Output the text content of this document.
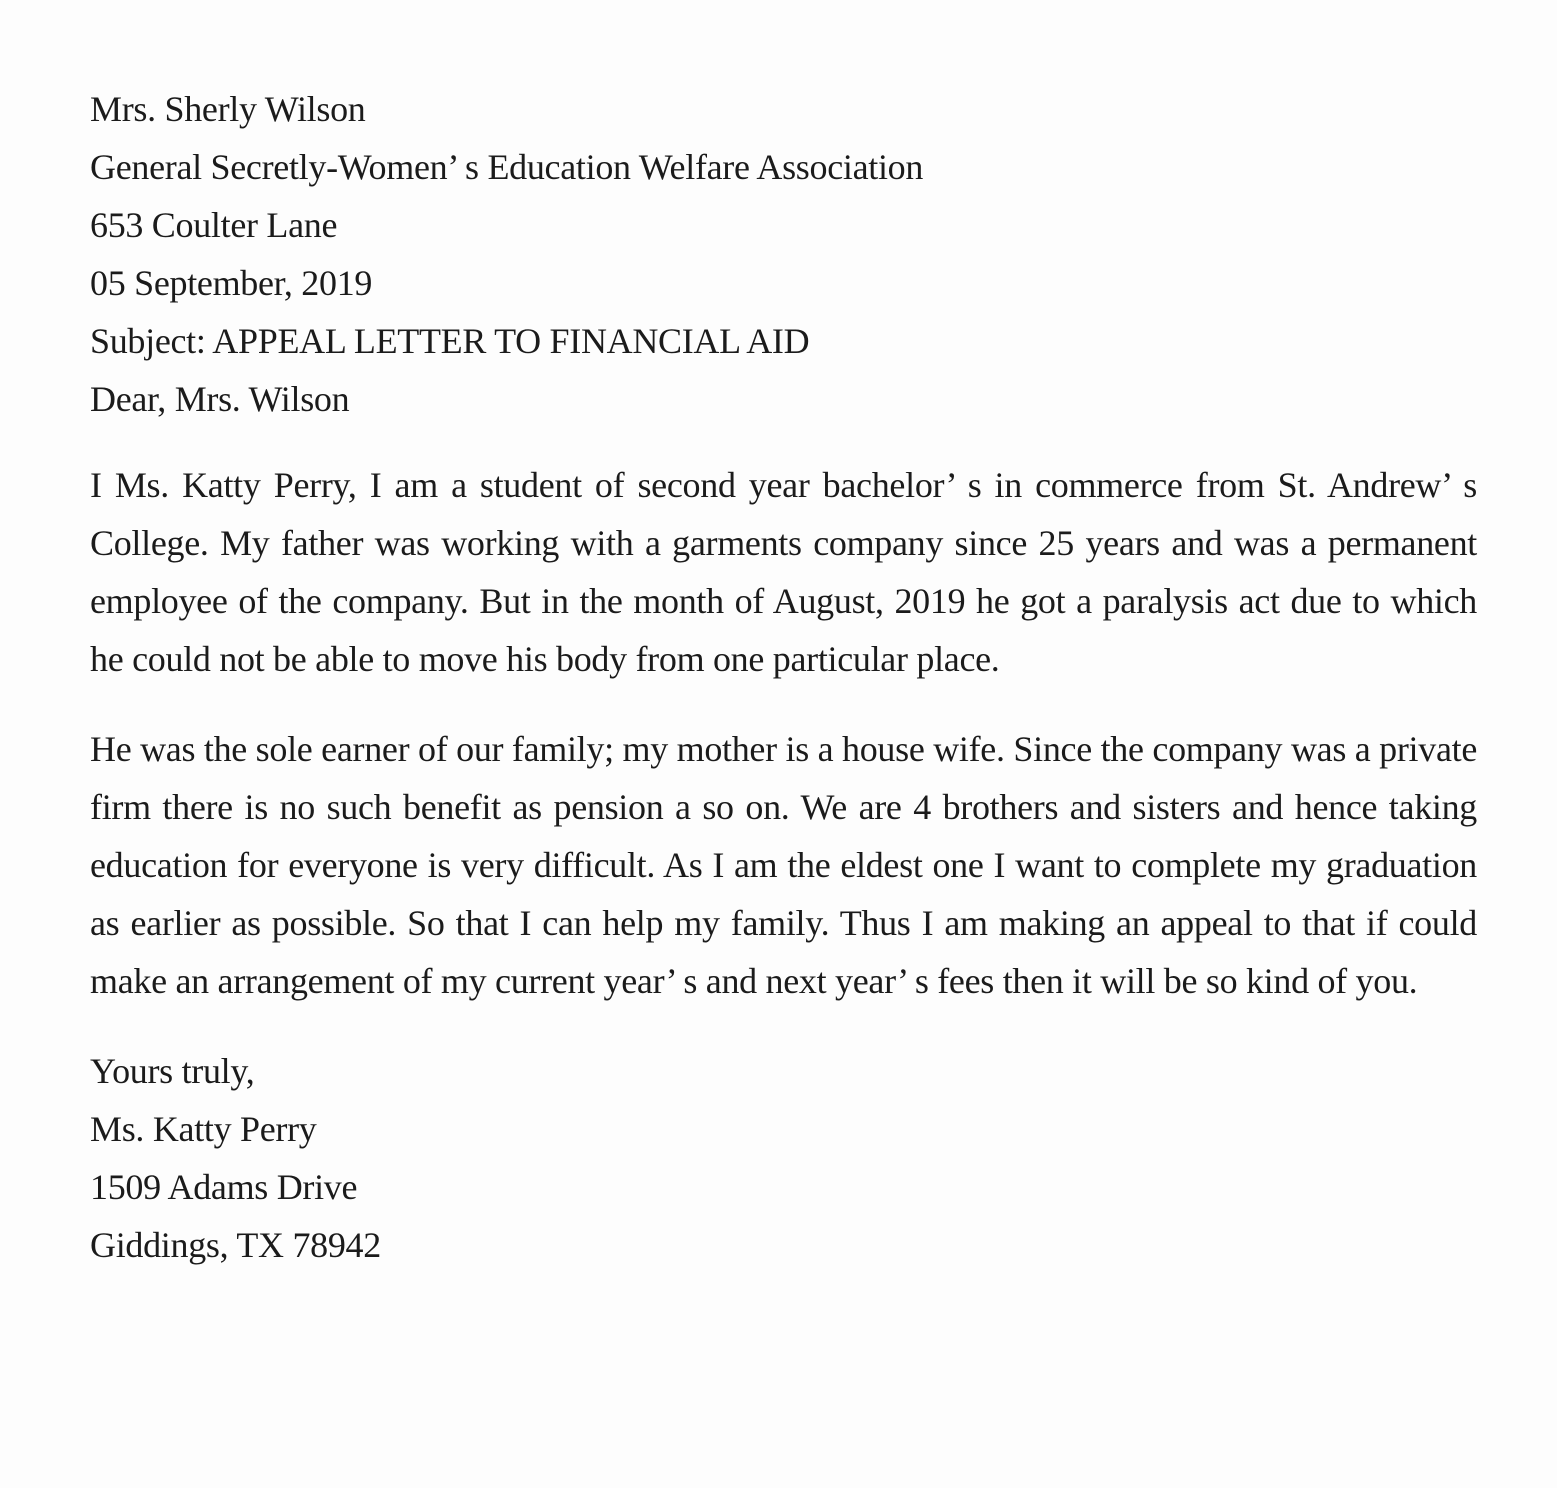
Mrs. Sherly Wilson
General Secretly-Women’ s Education Welfare Association
653 Coulter Lane
05 September, 2019
Subject: APPEAL LETTER TO FINANCIAL AID
Dear, Mrs. Wilson
I Ms. Katty Perry, I am a student of second year bachelor’ s in commerce from St. Andrew’ s College. My father was working with a garments company since 25 years and was a permanent employee of the company. But in the month of August, 2019 he got a paralysis act due to which he could not be able to move his body from one particular place.
He was the sole earner of our family; my mother is a house wife. Since the company was a private firm there is no such benefit as pension a so on. We are 4 brothers and sisters and hence taking education for everyone is very difficult. As I am the eldest one I want to complete my graduation as earlier as possible. So that I can help my family. Thus I am making an appeal to that if could make an arrangement of my current year’ s and next year’ s fees then it will be so kind of you.
Yours truly,
Ms. Katty Perry
1509 Adams Drive
Giddings, TX 78942
